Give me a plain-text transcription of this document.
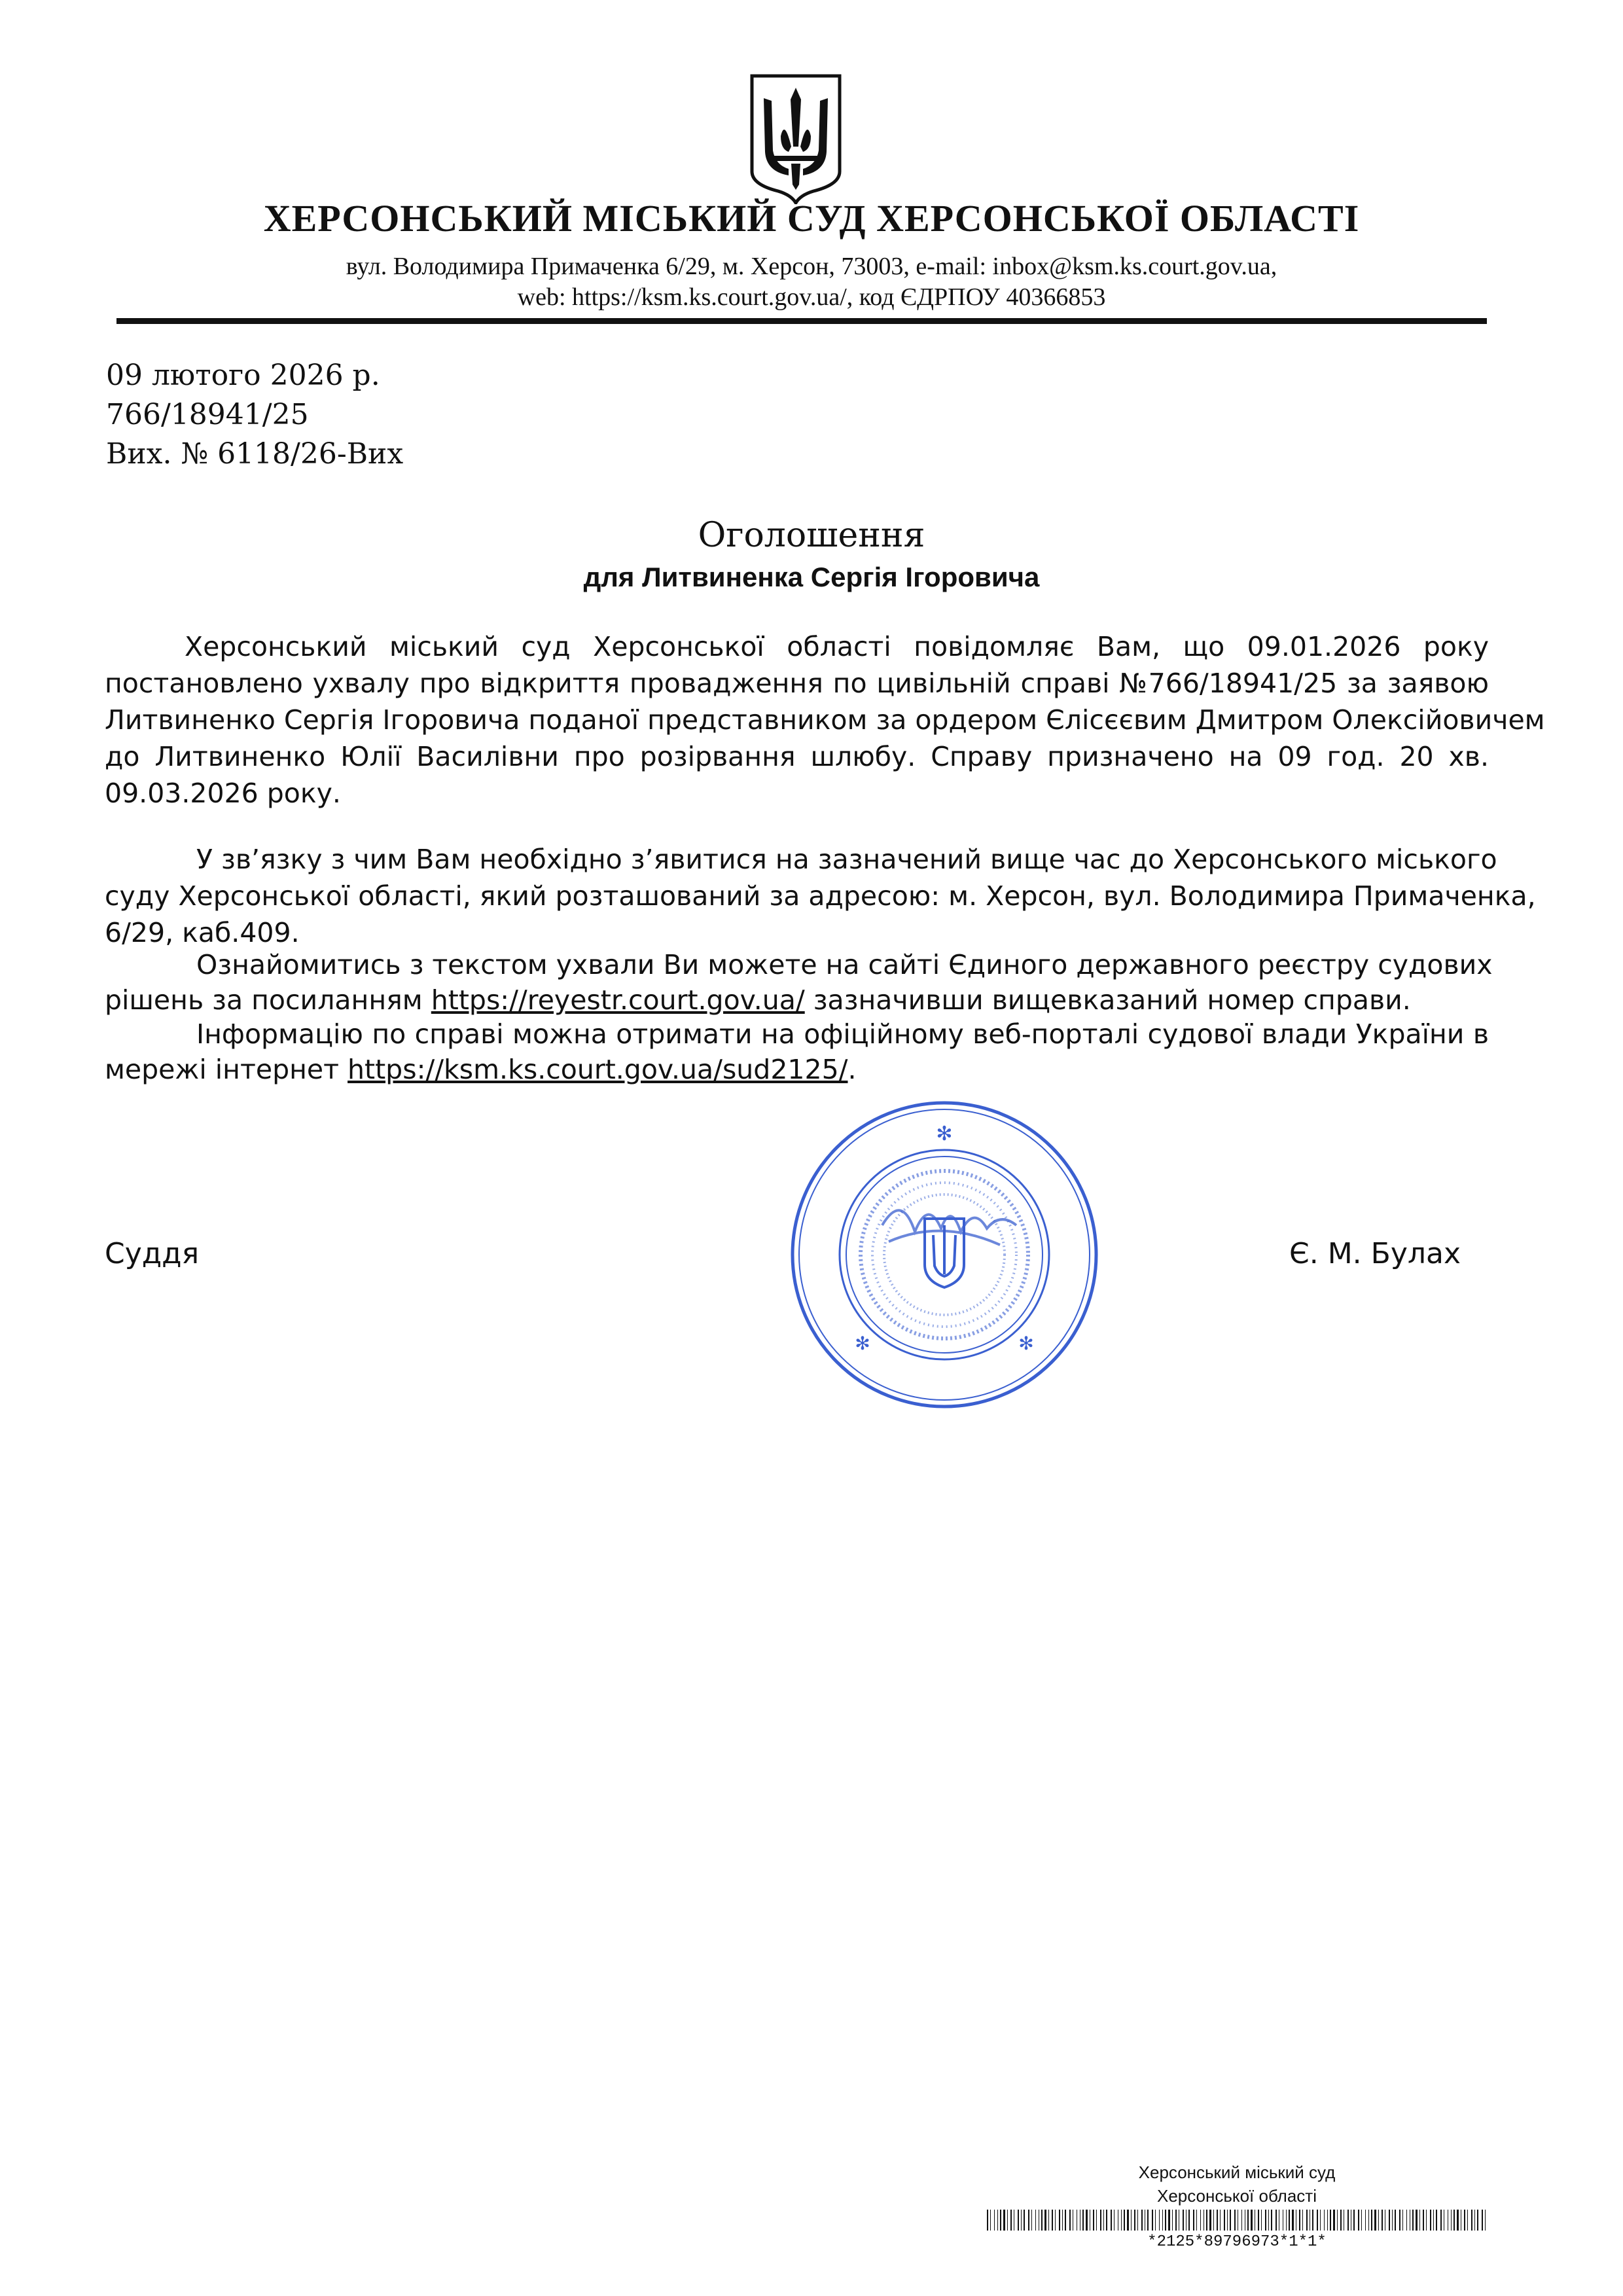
ХЕРСОНСЬКИЙ МІСЬКИЙ СУД ХЕРСОНСЬКОЇ ОБЛАСТІ
вул. Володимира Примаченка 6/29, м. Херсон, 73003, e-mail: inbox@ksm.ks.court.gov.ua,
web: https://ksm.ks.court.gov.ua/, код ЄДРПОУ 40366853
09 лютого 2026 р.
766/18941/25
Вих. № 6118/26-Вих
Оголошення
для Литвиненка Сергія Ігоровича
Херсонський міський суд Херсонської області повідомляє Вам, що 09.01.2026 року
постановлено ухвалу про відкриття провадження по цивільній справі №766/18941/25 за заявою
Литвиненко Сергія Ігоровича поданої представником за ордером Єлісєєвим Дмитром Олексійовичем
до Литвиненко Юлії Василівни про розірвання шлюбу. Справу призначено на 09 год. 20 хв.
09.03.2026 року.
У зв’язку з чим Вам необхідно з’явитися на зазначений вище час до Херсонського міського
суду Херсонської області, який розташований за адресою: м. Херсон, вул. Володимира Примаченка,
6/29, каб.409.
Ознайомитись з текстом ухвали Ви можете на сайті Єдиного державного реєстру судових
рішень за посиланням https://reyestr.court.gov.ua/ зазначивши вищевказаний номер справи.
Інформацію по справі можна отримати на офіційному веб-порталі судової влади України в
мережі інтернет https://ksm.ks.court.gov.ua/sud2125/.
✻
✻	✻
Суддя	Є. М. Булах
Херсонський міський суд
Херсонської області
*2125*89796973*1*1*
